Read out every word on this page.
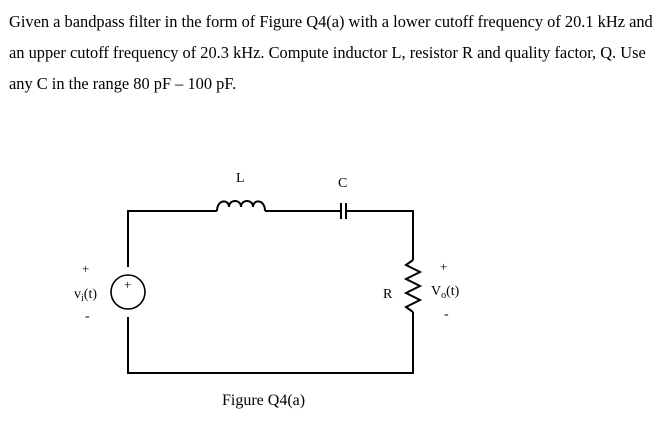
Given a bandpass filter in the form of Figure Q4(a) with a lower cutoff frequency of 20.1 kHz and an upper cutoff frequency of 20.3 kHz. Compute inductor L, resistor R and quality factor, Q. Use any C in the range 80 pF – 100 pF.

L	C
R
+
+
$v_i(t)$
-
+
$V_o(t)$
-
Figure Q4(a)
